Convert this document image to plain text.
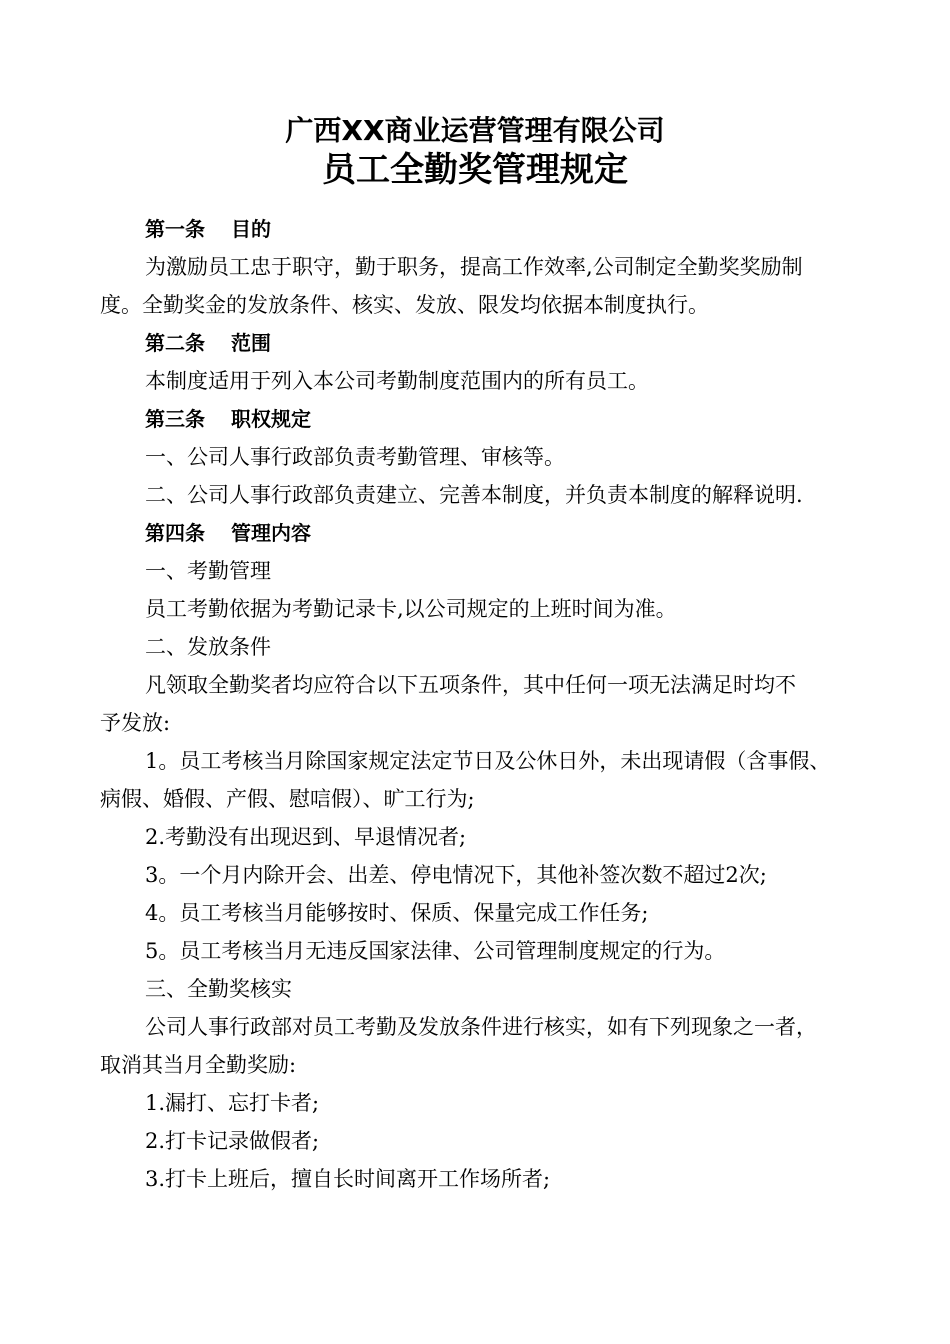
广西XX商业运营管理有限公司
员工全勤奖管理规定

第一条 目的

为激励员工忠于职守，勤于职务，提高工作效率,公司制定全勤奖奖励制

度。全勤奖金的发放条件、核实、发放、限发均依据本制度执行。

第二条 范围

本制度适用于列入本公司考勤制度范围内的所有员工。

第三条 职权规定

一、公司人事行政部负责考勤管理、审核等。

二、公司人事行政部负责建立、完善本制度，并负责本制度的解释说明.

第四条 管理内容

一、考勤管理

员工考勤依据为考勤记录卡,以公司规定的上班时间为准。

二、发放条件

凡领取全勤奖者均应符合以下五项条件，其中任何一项无法满足时均不

予发放:

1。员工考核当月除国家规定法定节日及公休日外，未出现请假（含事假、

病假、婚假、产假、慰唁假）、旷工行为;

2.考勤没有出现迟到、早退情况者;

3。一个月内除开会、出差、停电情况下，其他补签次数不超过2次;

4。员工考核当月能够按时、保质、保量完成工作任务;

5。员工考核当月无违反国家法律、公司管理制度规定的行为。

三、全勤奖核实

公司人事行政部对员工考勤及发放条件进行核实，如有下列现象之一者，

取消其当月全勤奖励:

1.漏打、忘打卡者;

2.打卡记录做假者;

3.打卡上班后，擅自长时间离开工作场所者;
